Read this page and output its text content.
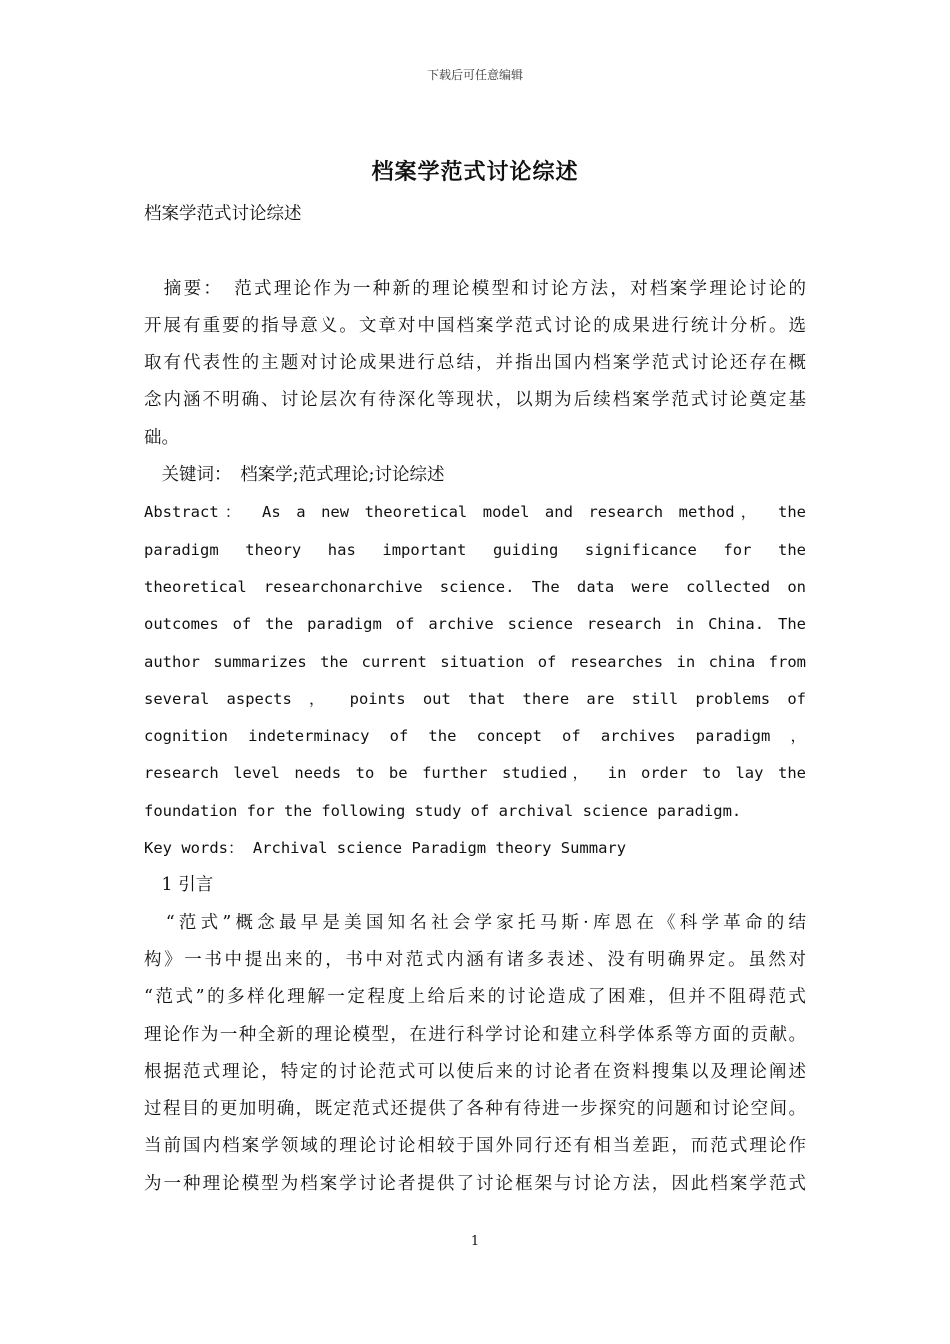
下载后可任意编辑
档案学范式讨论综述
档案学范式讨论综述
　摘要：　范式理论作为一种新的理论模型和讨论方法，对档案学理论讨论的
开展有重要的指导意义。文章对中国档案学范式讨论的成果进行统计分析。选
取有代表性的主题对讨论成果进行总结，并指出国内档案学范式讨论还存在概
念内涵不明确、讨论层次有待深化等现状，以期为后续档案学范式讨论奠定基
础。
　关键词：　档案学;范式理论;讨论综述
Abstract： As a new theoretical model and research method， the
paradigm theory has important guiding significance for the
theoretical researchonarchive science. The data were collected on
outcomes of the paradigm of archive science research in China. The
author summarizes the current situation of researches in china from
several aspects ， points out that there are still problems of
cognition indeterminacy of the concept of archives paradigm ，
research level needs to be further studied， in order to lay the
foundation for the following study of archival science paradigm.
Key words： Archival science Paradigm theory Summary
　1 引言
　“范式”概念最早是美国知名社会学家托马斯·库恩在《科学革命的结
构》一书中提出来的，书中对范式内涵有诸多表述、没有明确界定。虽然对
“范式”的多样化理解一定程度上给后来的讨论造成了困难，但并不阻碍范式
理论作为一种全新的理论模型，在进行科学讨论和建立科学体系等方面的贡献。
根据范式理论，特定的讨论范式可以使后来的讨论者在资料搜集以及理论阐述
过程目的更加明确，既定范式还提供了各种有待进一步探究的问题和讨论空间。
当前国内档案学领域的理论讨论相较于国外同行还有相当差距，而范式理论作
为一种理论模型为档案学讨论者提供了讨论框架与讨论方法，因此档案学范式
1
